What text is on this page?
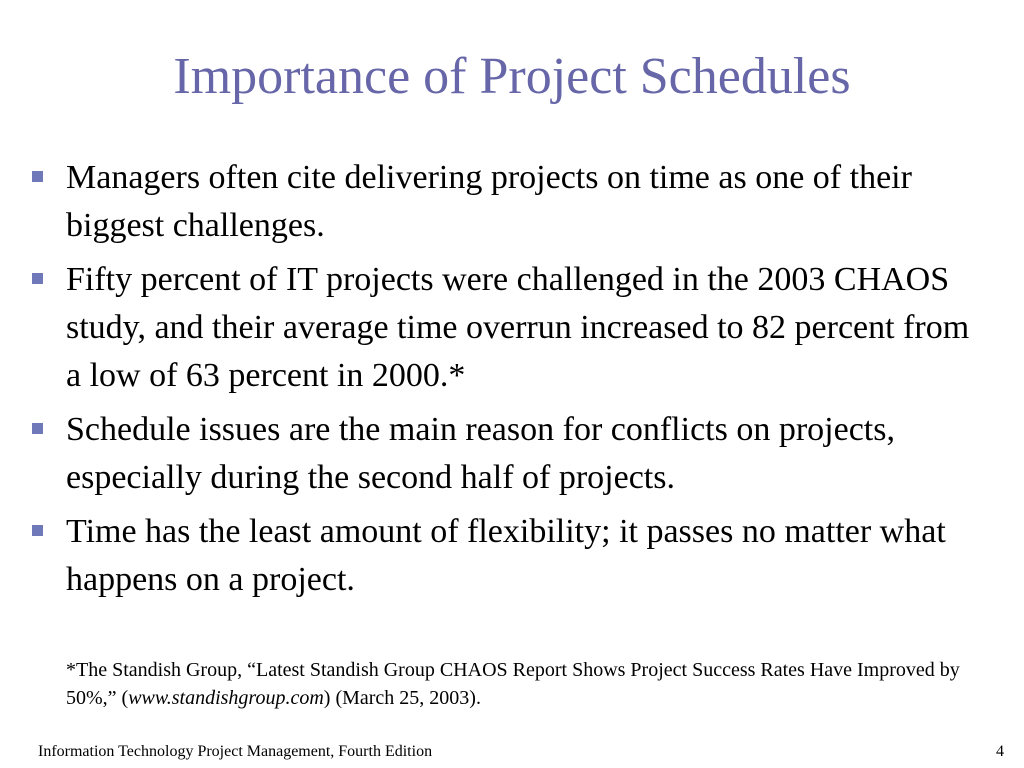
Importance of Project Schedules
Managers often cite delivering projects on time as one of their biggest challenges.
Fifty percent of IT projects were challenged in the 2003 CHAOS study, and their average time overrun increased to 82 percent from a low of 63 percent in 2000.*
Schedule issues are the main reason for conflicts on projects, especially during the second half of projects.
Time has the least amount of flexibility; it passes no matter what happens on a project.
*The Standish Group, “Latest Standish Group CHAOS Report Shows Project Success Rates Have Improved by 50%,” (www.standishgroup.com) (March 25, 2003).
Information Technology Project Management, Fourth Edition	4
